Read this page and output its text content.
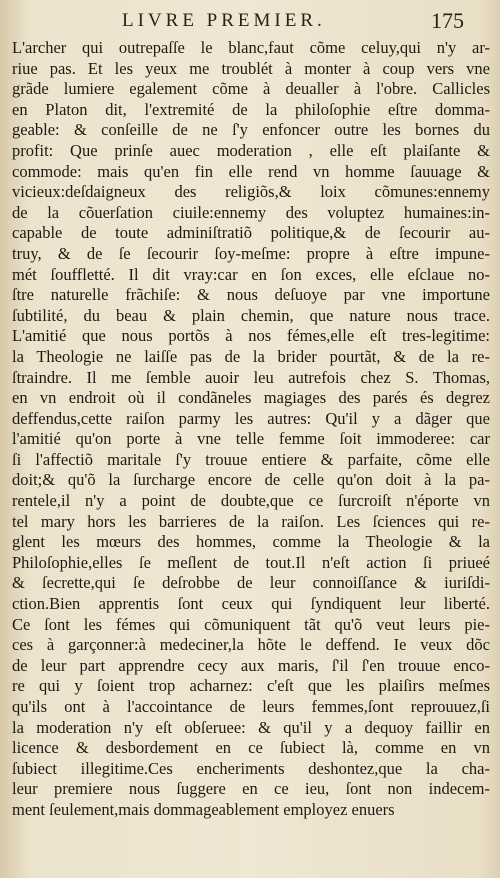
LIVRE PREMIER.	175
L'archer qui outrepaſſe le blanc,faut cõme celuy,qui n'y ar-
riue pas. Et les yeux me troublét à monter à coup vers vne
grãde lumiere egalement cõme à deualler à l'obre. Callicles
en Platon dit, l'extremité de la philoſophie eſtre domma-
geable: & conſeille de ne ſ'y enfoncer outre les bornes du
profit: Que prinſe auec moderation , elle eſt plaiſante &
commode: mais qu'en fin elle rend vn homme ſauuage &
vicieux:deſdaigneux des religiõs,& loix cõmunes:ennemy
de la cõuerſation ciuile:ennemy des voluptez humaines:in-
capable de toute adminiſtratiõ politique,& de ſecourir au-
truy, & de ſe ſecourir ſoy-meſme: propre à eſtre impune-
mét ſouffletté. Il dit vray:car en ſon exces, elle eſclaue no-
ſtre naturelle frãchiſe: & nous deſuoye par vne importune
ſubtilité, du beau & plain chemin, que nature nous trace.
L'amitié que nous portõs à nos fémes,elle eſt tres-legitime:
la Theologie ne laiſſe pas de la brider pourtãt, & de la re-
ſtraindre. Il me ſemble auoir leu autrefois chez S. Thomas,
en vn endroit où il condãneles magiages des parés és degrez
deffendus,cette raiſon parmy les autres: Qu'il y a dãger que
l'amitié qu'on porte à vne telle femme ſoit immoderee: car
ſi l'affectiõ maritale ſ'y trouue entiere & parfaite, cõme elle
doit;& qu'õ la ſurcharge encore de celle qu'on doit à la pa-
rentele,il n'y a point de doubte,que ce ſurcroiſt n'éporte vn
tel mary hors les barrieres de la raiſon. Les ſciences qui re-
glent les mœurs des hommes, comme la Theologie & la
Philoſophie,elles ſe meſlent de tout.Il n'eſt action ſi priueé
& ſecrette,qui ſe deſrobbe de leur connoiſſance & iuriſdi-
ction.Bien apprentis ſont ceux qui ſyndiquent leur liberté.
Ce ſont les fémes qui cõmuniquent tãt qu'õ veut leurs pie-
ces à garçonner:à medeciner,la hõte le deffend. Ie veux dõc
de leur part apprendre cecy aux maris, ſ'il ſ'en trouue enco-
re qui y ſoient trop acharnez: c'eſt que les plaiſirs meſmes
qu'ils ont à l'accointance de leurs femmes,ſont reprouuez,ſi
la moderation n'y eſt obſeruee: & qu'il y a dequoy faillir en
licence & desbordement en ce ſubiect là, comme en vn
ſubiect illegitime.Ces encheriments deshontez,que la cha-
leur premiere nous ſuggere en ce ieu, ſont non indecem-
ment ſeulement,mais dommageablement employez enuers
